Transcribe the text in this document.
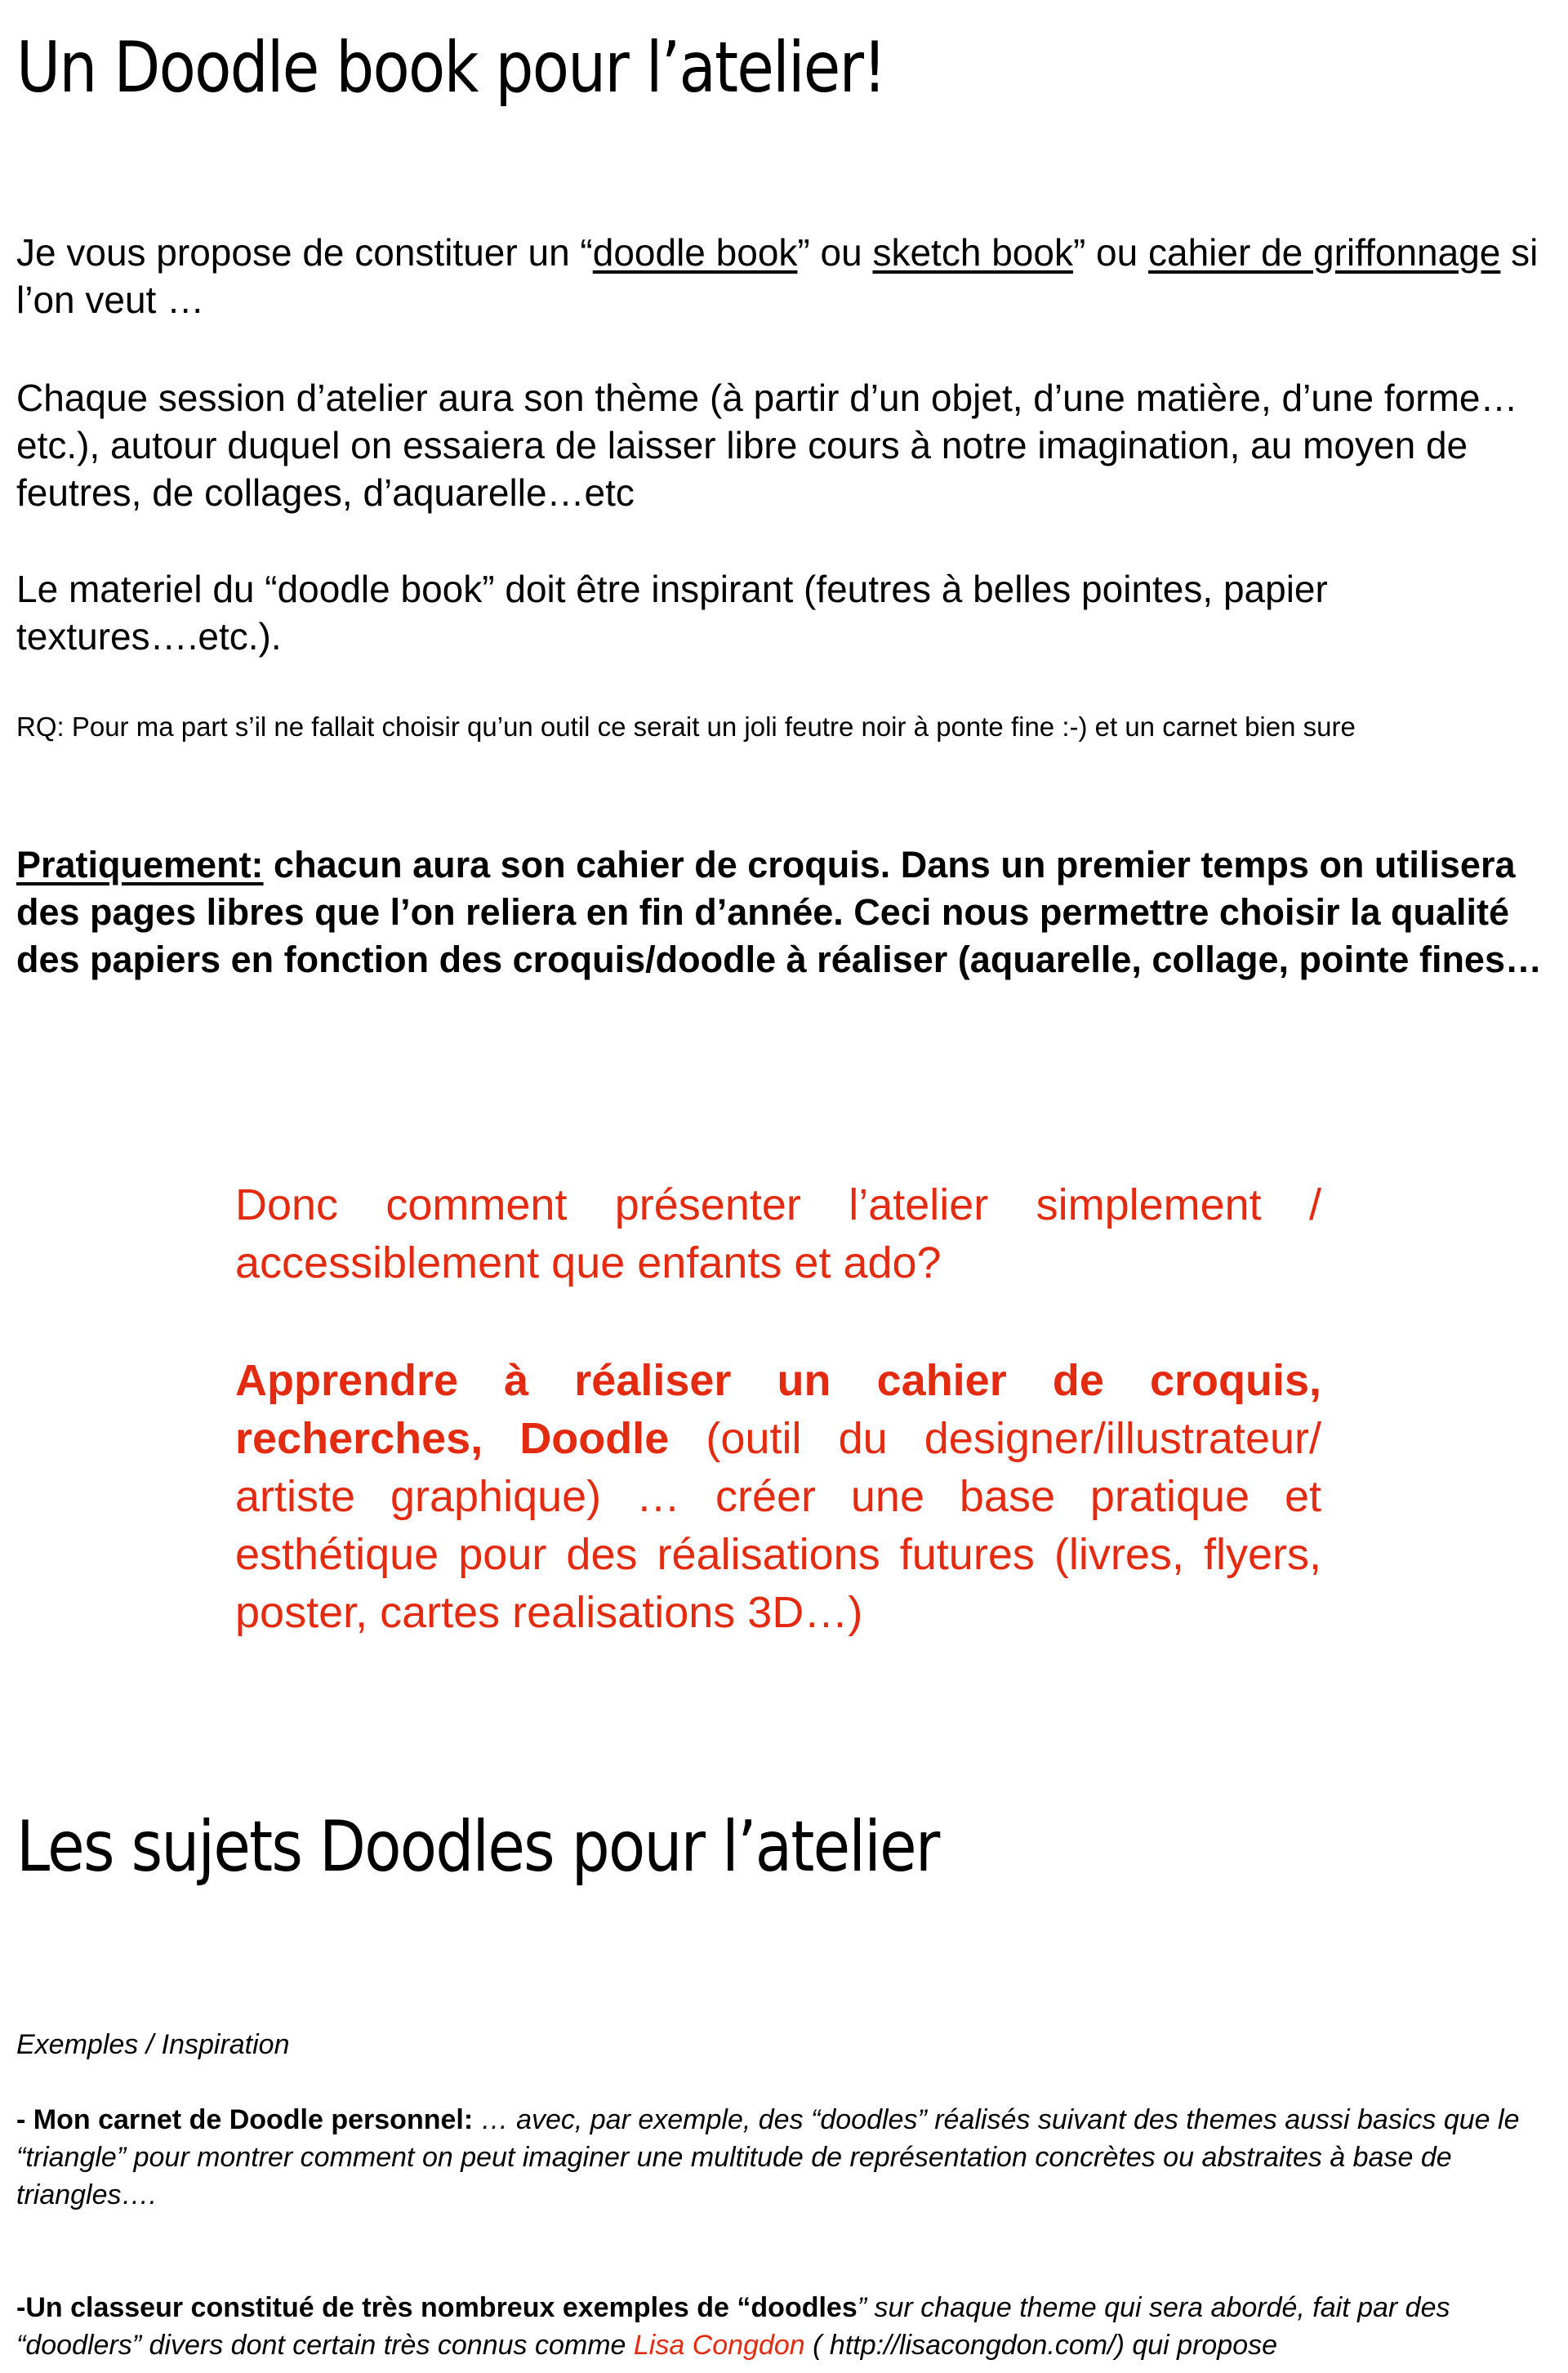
Un Doodle book pour l’atelier!

Je vous propose de constituer un “doodle book” ou sketch book” ou cahier de griffonnage si l’on veut …

Chaque session d’atelier aura son thème (à partir d’un objet, d’une matière, d’une forme…etc.), autour duquel on essaiera de laisser libre cours à notre imagination, au moyen de feutres, de collages, d’aquarelle…etc

Le materiel du “doodle book” doit être inspirant (feutres à belles pointes, papier textures….etc.).

RQ: Pour ma part s’il ne fallait choisir qu’un outil ce serait un joli feutre noir à ponte fine :-) et un carnet bien sure

Pratiquement: chacun aura son cahier de croquis. Dans un premier temps on utilisera des pages libres que l’on reliera en fin d’année. Ceci nous permettre choisir la qualité des papiers en fonction des croquis/doodle à réaliser (aquarelle, collage, pointe fines…

Donc comment présenter l’atelier simplement / accessiblement que enfants et ado?

Apprendre à réaliser un cahier de croquis, recherches, Doodle (outil du designer/illustrateur/ artiste graphique) … créer une base pratique et esthétique pour des réalisations futures (livres, flyers, poster, cartes realisations 3D…)

Les sujets Doodles pour l’atelier

Exemples / Inspiration

- Mon carnet de Doodle personnel: … avec, par exemple, des “doodles” réalisés suivant des themes aussi basics que le “triangle” pour montrer comment on peut imaginer une multitude de représentation concrètes ou abstraites à base de triangles….

-Un classeur constitué de très nombreux exemples de “doodles” sur chaque theme qui sera abordé, fait par des “doodlers” divers dont certain très connus comme Lisa Congdon ( http://lisacongdon.com/) qui propose
